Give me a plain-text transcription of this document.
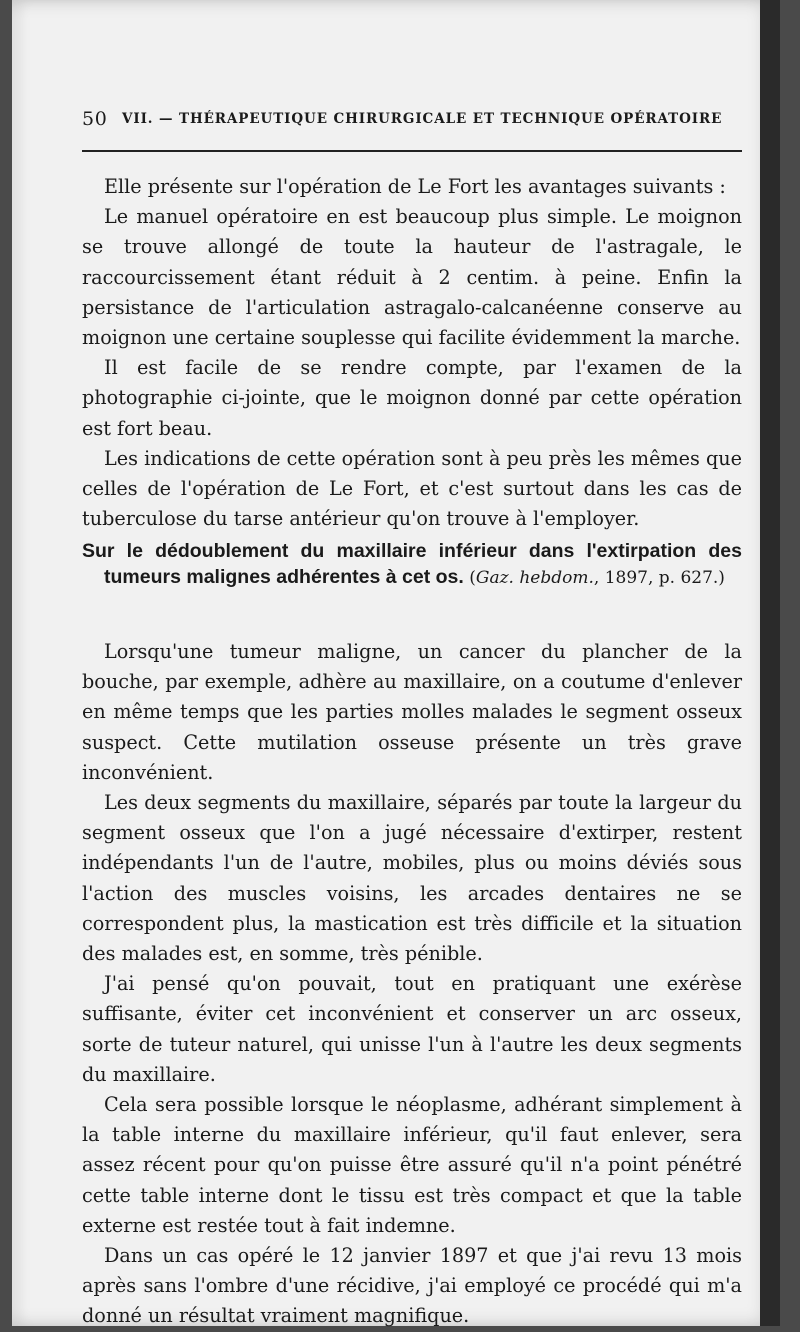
50 VII. — THÉRAPEUTIQUE CHIRURGICALE ET TECHNIQUE OPÉRATOIRE

Elle présente sur l'opération de Le Fort les avantages suivants :

Le manuel opératoire en est beaucoup plus simple. Le moignon se trouve allongé de toute la hauteur de l'astragale, le raccourcissement étant réduit à 2 centim. à peine. Enfin la persistance de l'articulation astragalo-calcanéenne conserve au moignon une certaine souplesse qui facilite évidemment la marche.

Il est facile de se rendre compte, par l'examen de la photographie ci-jointe, que le moignon donné par cette opération est fort beau.

Les indications de cette opération sont à peu près les mêmes que celles de l'opération de Le Fort, et c'est surtout dans les cas de tuberculose du tarse antérieur qu'on trouve à l'employer.

Sur le dédoublement du maxillaire inférieur dans l'extirpation des tumeurs malignes adhérentes à cet os. (Gaz. hebdom., 1897, p. 627.)

Lorsqu'une tumeur maligne, un cancer du plancher de la bouche, par exemple, adhère au maxillaire, on a coutume d'enlever en même temps que les parties molles malades le segment osseux suspect. Cette mutilation osseuse présente un très grave inconvénient.

Les deux segments du maxillaire, séparés par toute la largeur du segment osseux que l'on a jugé nécessaire d'extirper, restent indépendants l'un de l'autre, mobiles, plus ou moins déviés sous l'action des muscles voisins, les arcades dentaires ne se correspondent plus, la mastication est très difficile et la situation des malades est, en somme, très pénible.

J'ai pensé qu'on pouvait, tout en pratiquant une exérèse suffisante, éviter cet inconvénient et conserver un arc osseux, sorte de tuteur naturel, qui unisse l'un à l'autre les deux segments du maxillaire.

Cela sera possible lorsque le néoplasme, adhérant simplement à la table interne du maxillaire inférieur, qu'il faut enlever, sera assez récent pour qu'on puisse être assuré qu'il n'a point pénétré cette table interne dont le tissu est très compact et que la table externe est restée tout à fait indemne.

Dans un cas opéré le 12 janvier 1897 et que j'ai revu 13 mois après sans l'ombre d'une récidive, j'ai employé ce procédé qui m'a donné un résultat vraiment magnifique.
